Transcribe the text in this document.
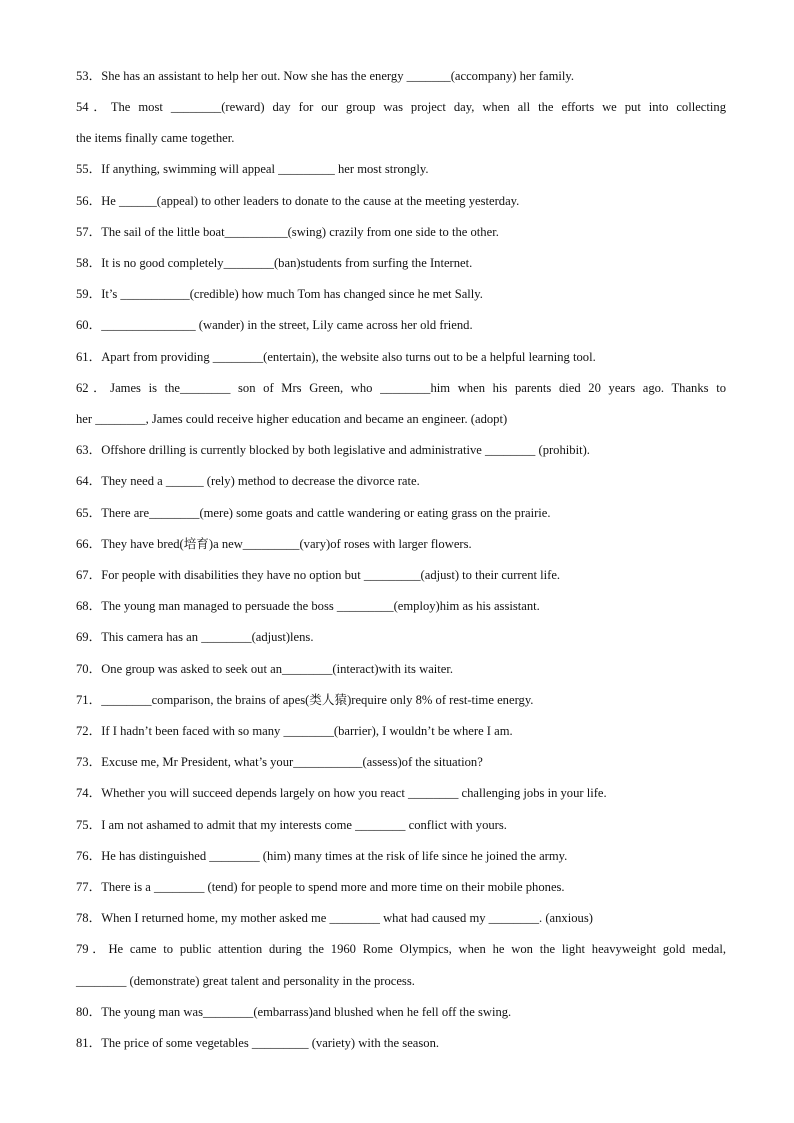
53．She has an assistant to help her out. Now she has the energy _______(accompany) her family.
54．The most ________(reward) day for our group was project day, when all the efforts we put into collecting
the items finally came together.
55．If anything, swimming will appeal _________ her most strongly.
56．He ______(appeal) to other leaders to donate to the cause at the meeting yesterday.
57．The sail of the little boat__________(swing) crazily from one side to the other.
58．It is no good completely________(ban)students from surfing the Internet.
59．It’s ___________(credible) how much Tom has changed since he met Sally.
60．_______________ (wander) in the street, Lily came across her old friend.
61．Apart from providing ________(entertain), the website also turns out to be a helpful learning tool.
62．James is the________ son of Mrs Green, who ________him when his parents died 20 years ago. Thanks to
her ________, James could receive higher education and became an engineer. (adopt)
63．Offshore drilling is currently blocked by both legislative and administrative ________ (prohibit).
64．They need a ______ (rely) method to decrease the divorce rate.
65．There are________(mere) some goats and cattle wandering or eating grass on the prairie.
66．They have bred(培育)a new_________(vary)of roses with larger flowers.
67．For people with disabilities they have no option but _________(adjust) to their current life.
68．The young man managed to persuade the boss _________(employ)him as his assistant.
69．This camera has an ________(adjust)lens.
70．One group was asked to seek out an________(interact)with its waiter.
71．________comparison, the brains of apes(类人猿)require only 8% of rest-time energy.
72．If I hadn’t been faced with so many ________(barrier), I wouldn’t be where I am.
73．Excuse me, Mr President, what’s your___________(assess)of the situation?
74．Whether you will succeed depends largely on how you react ________ challenging jobs in your life.
75．I am not ashamed to admit that my interests come ________ conflict with yours.
76．He has distinguished ________ (him) many times at the risk of life since he joined the army.
77．There is a ________ (tend) for people to spend more and more time on their mobile phones.
78．When I returned home, my mother asked me ________ what had caused my ________. (anxious)
79．He came to public attention during the 1960 Rome Olympics, when he won the light heavyweight gold medal,
________ (demonstrate) great talent and personality in the process.
80．The young man was________(embarrass)and blushed when he fell off the swing.
81．The price of some vegetables _________ (variety) with the season.
